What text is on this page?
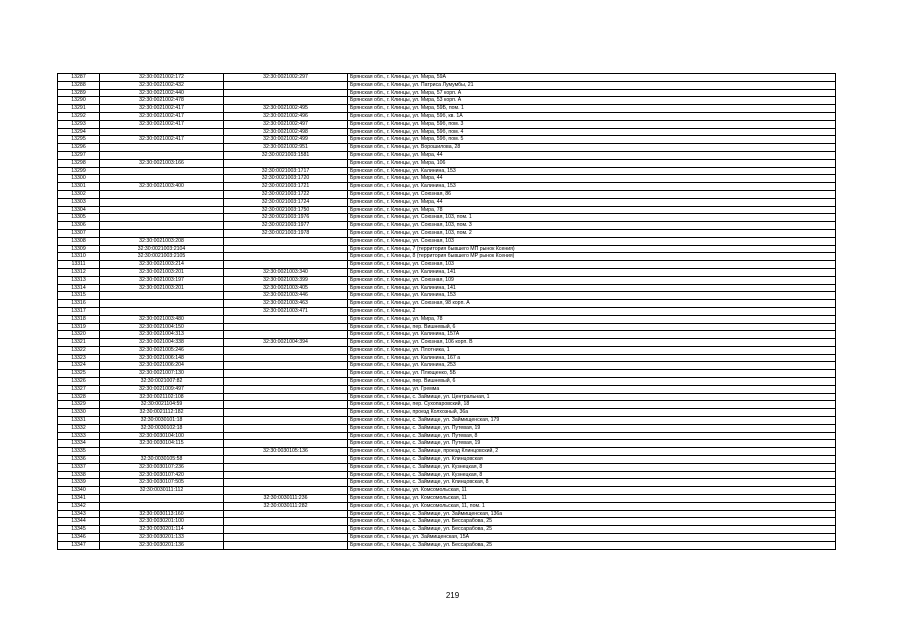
13287	32:30:0021002:172	32:30:0021002:297	Брянская обл., г. Клинцы, ул. Мира, 59А
13288	32:30:0021002:432		Брянская обл., г. Клинцы, ул. Патриса Лумумбы, 21
13289	32:30:0021002:440		Брянская обл., г. Клинцы, ул. Мира, 57 корп. А
13290	32:30:0021002:478		Брянская обл., г. Клинцы, ул. Мира, 53 корп. А
13291	32:30:0021002:417	32:30:0021002:495	Брянская обл., г. Клинцы, ул. Мира, 59Б, пом. 1
13292	32:30:0021002:417	32:30:0021002:496	Брянская обл., г. Клинцы, ул. Мира, 59б, кв. 1А
13293	32:30:0021002:417	32:30:0021002:497	Брянская обл., г. Клинцы, ул. Мира, 59б, пом. 3
13294		32:30:0021002:498	Брянская обл., г. Клинцы, ул. Мира, 59б, пом. 4
13295	32:30:0021002:417	32:30:0021002:499	Брянская обл., г. Клинцы, ул. Мира, 59б, пом. 5
13296		32:30:0021002:951	Брянская обл., г. Клинцы, ул. Ворошилова, 28
13297		32:30:0021003:1581	Брянская обл., г. Клинцы, ул. Мира, 44
13298	32:30:0021003:166		Брянская обл., г. Клинцы, ул. Мира, 106
13299		32:30:0021003:1717	Брянская обл., г. Клинцы, ул. Калинина, 153
13300		32:30:0021003:1720	Брянская обл., г. Клинцы, ул. Мира, 44
13301	32:30:0021003:400	32:30:0021003:1721	Брянская обл., г. Клинцы, ул. Калинина, 153
13302		32:30:0021003:1722	Брянская обл., г. Клинцы, ул. Союзная, 86
13303		32:30:0021003:1724	Брянская обл., г. Клинцы, ул. Мира, 44
13304		32:30:0021003:1750	Брянская обл., г. Клинцы, ул. Мира, 78
13305		32:30:0021003:1976	Брянская обл., г. Клинцы, ул. Союзная, 103, пом. 1
13306		32:30:0021003:1977	Брянская обл., г. Клинцы, ул. Союзная, 103, пом. 3
13307		32:30:0021003:1978	Брянская обл., г. Клинцы, ул. Союзная, 103, пом. 2
13308	32:30:0021003:208		Брянская обл., г. Клинцы, ул. Союзная, 103
13309	32:30:0021003:2104		Брянская обл., г. Клинцы, 7 (территория бывшего МП рынок Ксения)
13310	32:30:0021003:2105		Брянская обл., г. Клинцы, 8 (территория бывшего МР рынок Ксения)
13311	32:30:0021003:214		Брянская обл., г. Клинцы, ул. Союзная, 103
13312	32:30:0021003:201	32:30:0021003:340	Брянская обл., г. Клинцы, ул. Калинина, 141
13313	32:30:0021003:197	32:30:0021003:399	Брянская обл., г. Клинцы, ул. Союзная, 109
13314	32:30:0021003:201	32:30:0021003:405	Брянская обл., г. Клинцы, ул. Калинина, 141
13315		32:30:0021003:446	Брянская обл., г. Клинцы, ул. Калинина, 153
13316		32:30:0021003:463	Брянская обл., г. Клинцы, ул. Союзная, 98 корп. А
13317		32:30:0021003:471	Брянская обл., г. Клинцы, 2
13318	32:30:0021003:480		Брянская обл., г. Клинцы, ул. Мира, 78
13319	32:30:0021004:150		Брянская обл., г. Клинцы, пер. Вишневый, 6
13320	32:30:0021004:313		Брянская обл., г. Клинцы, ул. Калинина, 157А
13321	32:30:0021004:338	32:30:0021004:394	Брянская обл., г. Клинцы, ул. Союзная, 106 корп. В
13322	32:30:0021005:246		Брянская обл., г. Клинцы, ул. Плотника, 1
13323	32:30:0021006:148		Брянская обл., г. Клинцы, ул. Калинина, 167 а
13324	32:30:0021006:204		Брянская обл., г. Клинцы, ул. Калинина, 253
13325	32:30:0021007:130		Брянская обл., г. Клинцы, ул. Плющенко, 5Б
13326	32:30:0021007:82		Брянская обл., г. Клинцы, пер. Вишневый, 6
13327	32:30:0021009:497		Брянская обл., г. Клинцы, ул. Гремма
13328	32:30:0021102:108		Брянская обл., г. Клинцы, с. Займище, ул. Центральная, 1
13329	32:30:0021104:59		Брянская обл., г. Клинцы, пер. Сухопаровский, 18
13330	32:30:0021112:182		Брянская обл., г. Клинцы, проезд Колхозный, 36а
13331	32:30:0030101:18		Брянская обл., г. Клинцы, с. Займище, ул. Займищенская, 179
13332	32:30:0030102:18		Брянская обл., г. Клинцы, с. Займище, ул. Путевая, 19
13333	32:30:0030104:100		Брянская обл., г. Клинцы, с. Займище, ул. Путевая, 8
13334	32:30:0030104:115		Брянская обл., г. Клинцы, с. Займище, ул. Путевая, 19
13335		32:30:0030105:136	Брянская обл., г. Клинцы, с. Займище, проезд Клинцовский, 2
13336	32:30:0030105:58		Брянская обл., г. Клинцы, с. Займище, ул. Клинцовская
13337	32:30:0030107:236		Брянская обл., г. Клинцы, с. Займище, ул. Кузнецкая, 8
13338	32:30:0030107:420		Брянская обл., г. Клинцы, с. Займище, ул. Кузнецкая, 8
13339	32:30:0030107:505		Брянская обл., г. Клинцы, с. Займище, ул. Клинцовская, 8
13340	32:30:0030111:112		Брянская обл., г. Клинцы, ул. Комсомольская, 11
13341		32:30:0030111:236	Брянская обл., г. Клинцы, ул. Комсомольская, 11
13342		32:30:0030111:282	Брянская обл., г. Клинцы, ул. Комсомольская, 11, пом. 1
13343	32:30:0030113:160		Брянская обл., г. Клинцы, с. Займище, ул. Займищенская, 136а
13344	32:30:0030201:100		Брянская обл., г. Клинцы, с. Займище, ул. Бессарабова, 25
13345	32:30:0030201:114		Брянская обл., г. Клинцы, с. Займище, ул. Бессарабова, 25
13346	32:30:0030201:133		Брянская обл., г. Клинцы, ул. Займищенская, 15А
13347	32:30:0030201:136		Брянская обл., г. Клинцы, с. Займище, ул. Бессарабова, 25
219
